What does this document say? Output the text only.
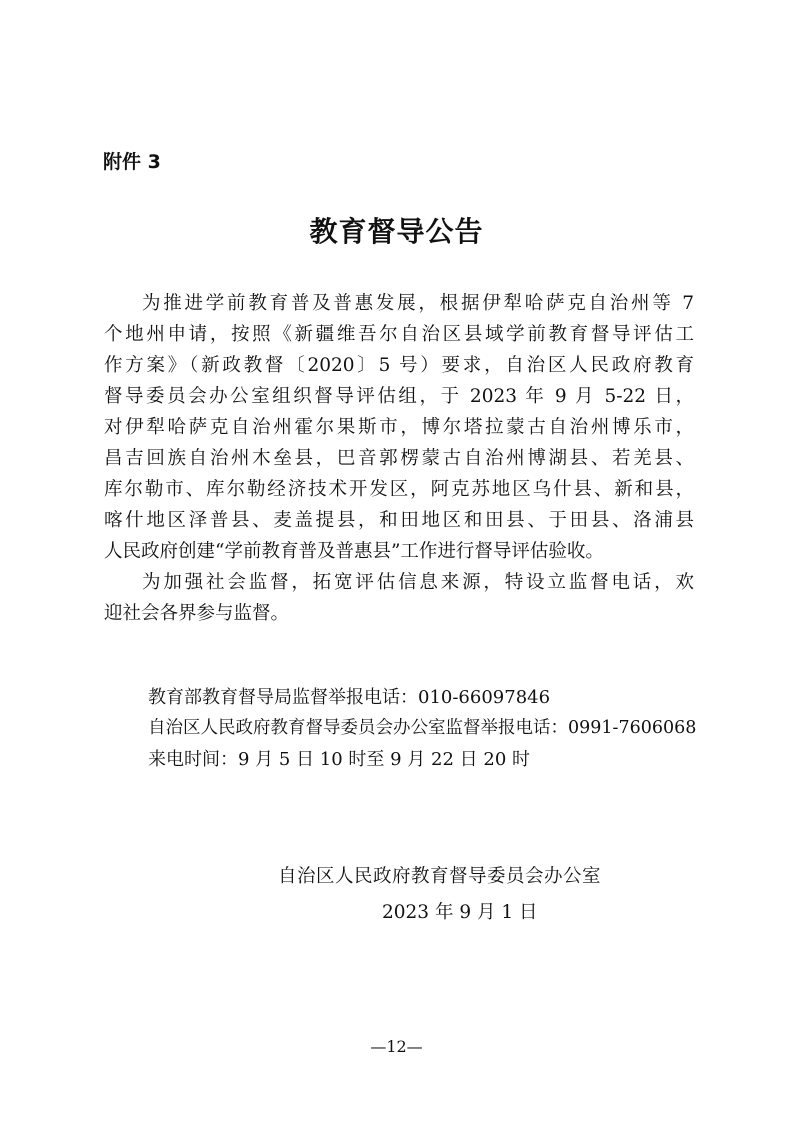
附件 3
教育督导公告
为推进学前教育普及普惠发展，根据伊犁哈萨克自治州等 7
个地州申请，按照《新疆维吾尔自治区县域学前教育督导评估工
作方案》（新政教督〔2020〕5 号）要求，自治区人民政府教育
督导委员会办公室组织督导评估组，于 2023 年 9 月 5-22 日，
对伊犁哈萨克自治州霍尔果斯市，博尔塔拉蒙古自治州博乐市，
昌吉回族自治州木垒县，巴音郭楞蒙古自治州博湖县、若羌县、
库尔勒市、库尔勒经济技术开发区，阿克苏地区乌什县、新和县，
喀什地区泽普县、麦盖提县，和田地区和田县、于田县、洛浦县
人民政府创建“学前教育普及普惠县”工作进行督导评估验收。
为加强社会监督，拓宽评估信息来源，特设立监督电话，欢
迎社会各界参与监督。
教育部教育督导局监督举报电话：010-66097846
自治区人民政府教育督导委员会办公室监督举报电话：0991-7606068
来电时间：9 月 5 日 10 时至 9 月 22 日 20 时
自治区人民政府教育督导委员会办公室
2023 年 9 月 1 日
—12—
